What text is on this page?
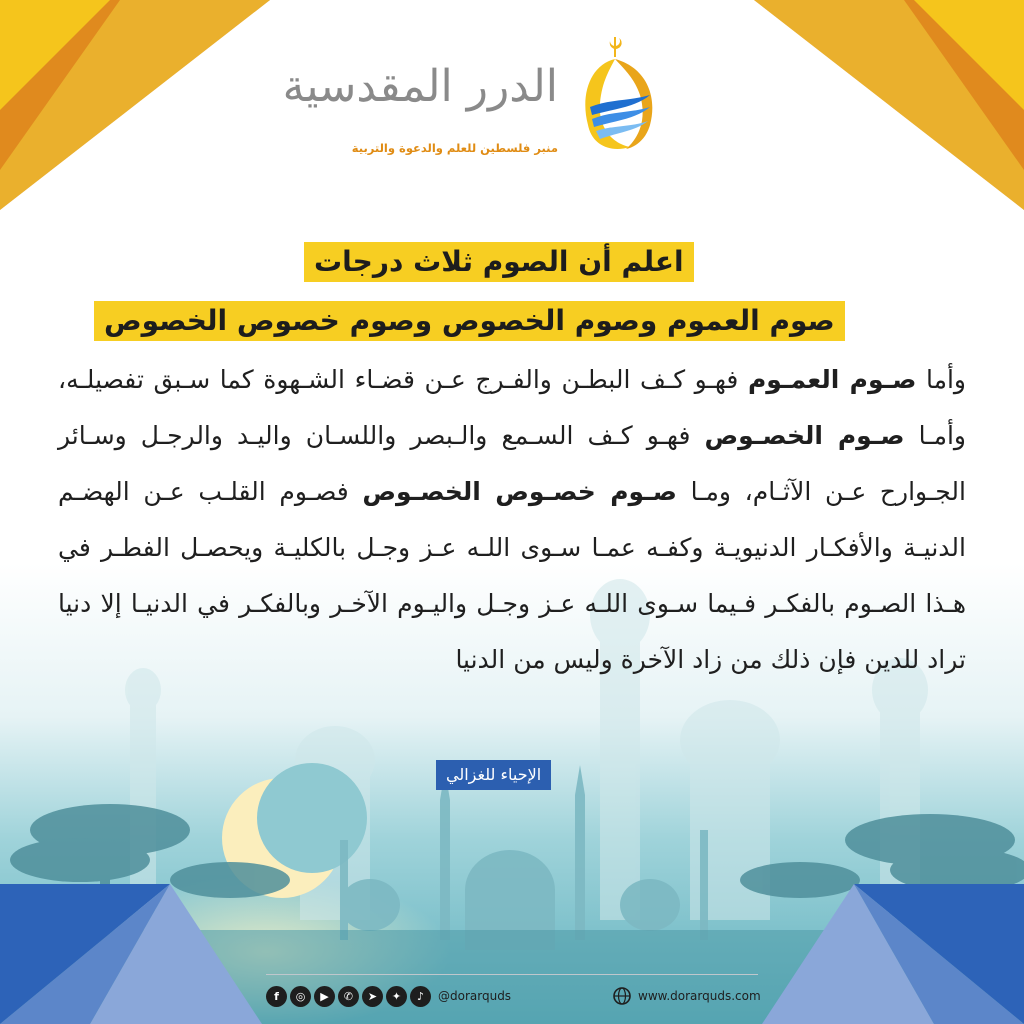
الدرر المقدسية
منبر فلسطين للعلم والدعوة والتربية
اعلم أن الصوم ثلاث درجات
صوم العموم وصوم الخصوص وصوم خصوص الخصوص
وأما صـوم العمـوم فهـو كـف البطـن والفـرج عـن قضـاء الشـهوة كما سـبق تفصيلـه، وأمـا صـوم الخصـوص فهـو كـف السـمع والـبصر واللسـان واليـد والرجـل وسـائر الجـوارح عـن الآثـام، ومـا صـوم خصـوص الخصـوص فصـوم القلـب عـن الهضـم الدنيـة والأفكـار الدنيويـة وكفـه عمـا سـوى اللـه عـز وجـل بالكليـة ويحصـل الفطـر في هـذا الصـوم بالفكـر فـيما سـوى اللـه عـز وجـل واليـوم الآخـر وبالفكـر في الدنيـا إلا دنيا تراد للدين فإن ذلك من زاد الآخرة وليس من الدنيا
الإحياء للغزالي
f	◎	▶	✆	➤	✦	♪	@dorarquds	www.dorarquds.com
